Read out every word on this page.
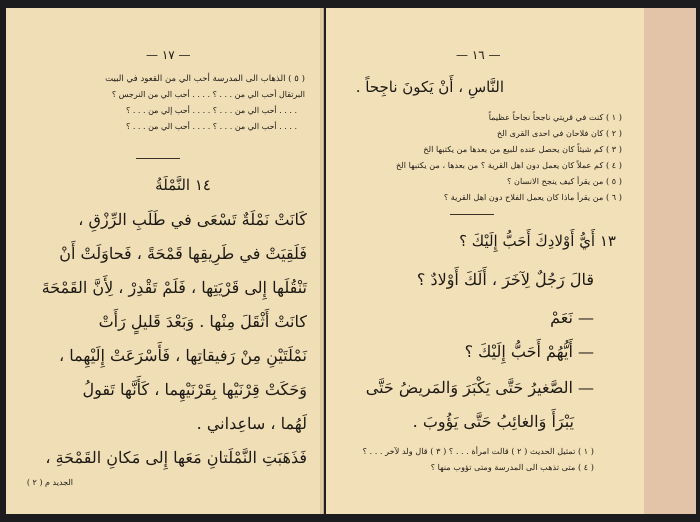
— ١٧ —
( ٥ ) الذهاب الى المدرسة أحب الي من القعود في البيت
البرتقال أحب الي من . . . ؟ . . . . أحب الي من النرجس ؟
. . . . أحب الي من . . . ؟ . . . . أحب إلي من . . . ؟
. . . . أحب الي من . . . ؟ . . . . أحب الي من . . . ؟
١٤ النَّمْلَةُ
كَانَتْ نَمْلَةٌ تَسْعَى في طَلَبِ الرِّزْقِ ،
فَلَقِيَتْ في طَرِيقِها قَمْحَةً ، فَحاوَلَتْ أَنْ
تَنْقُلَها إِلى قَرْيَتِها ، فَلَمْ تَقْدِرْ ، لِأَنَّ القَمْحَةَ
كانَتْ أَثْقَلَ مِنْها . وَبَعْدَ قَليلٍ رَأَتْ
نَمْلَتَيْنِ مِنْ رَفيقاتِها ، فَأَسْرَعَتْ إِلَيْهِما ،
وَحَكَتْ قِرْنَيْها بِقَرْنَيْهِما ، كَأَنَّها تَقولُ
لَهُما ، ساعِداني .
فَذَهَبَتِ النَّمْلَتانِ مَعَها إِلى مَكانِ القَمْحَةِ ،
الجديد م ( ٢ )
— ١٦ —
النَّاسِ ، أَنْ يَكونَ ناجِحاً .
( ١ ) كنت في قريتي ناجحاً نجاحاً عظيماً
( ٢ ) كان فلاحان في احدى القرى الخ
( ٣ ) كم شيئاً كان يحصل عنده للبيع من بعدها من يكتبها الخ
( ٤ ) كم عملاً كان يعمل دون اهل القرية ؟ من بعدها ، من يكتبها الخ
( ٥ ) من يقرأ كيف ينجح الانسان ؟
( ٦ ) من يقرأ ماذا كان يعمل الفلاح دون اهل القرية ؟
١٣ أَيُّ أَوْلادِكَ أَحَبُّ إِلَيْكَ ؟
قالَ رَجُلٌ لِآخَرَ ، أَلَكَ أَوْلادٌ ؟
— نَعَمْ
— أَيُّهُمْ أَحَبُّ إِلَيْكَ ؟
— الصَّغيرُ حَتَّى يَكْبَرَ وَالمَريضُ حَتَّى
يَبْرَأَ وَالغائِبُ حَتَّى يَؤُوبَ .
( ١ ) تمثيل الحديث ( ٢ ) قالت امرأة . . . ؟ ( ٣ ) قال ولد لآخر . . . ؟
( ٤ ) متى تذهب الى المدرسة ومتى تؤوب منها ؟
